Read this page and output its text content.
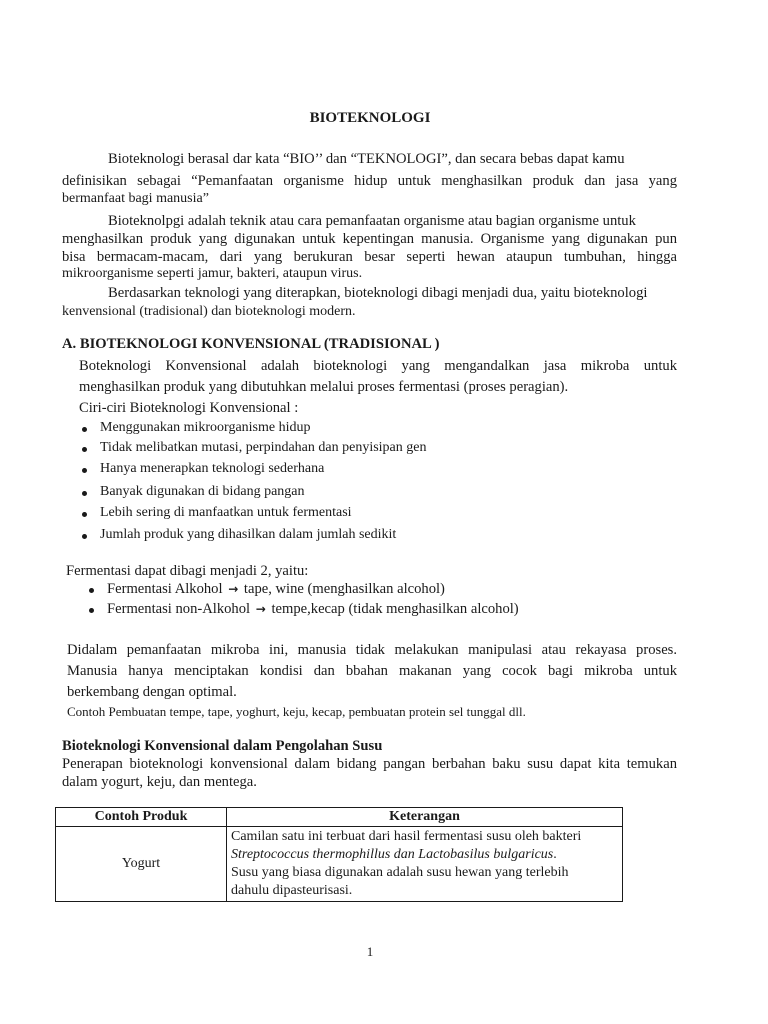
BIOTEKNOLOGI
Bioteknologi berasal dar kata “BIO’’ dan “TEKNOLOGI”, dan secara bebas dapat kamu
definisikan sebagai “Pemanfaatan organisme hidup untuk menghasilkan produk dan jasa yang
bermanfaat bagi manusia”
Bioteknolpgi adalah teknik atau cara pemanfaatan organisme atau bagian organisme untuk
menghasilkan produk yang digunakan untuk kepentingan manusia. Organisme yang digunakan pun
bisa bermacam-macam, dari yang berukuran besar seperti hewan ataupun tumbuhan, hingga
mikroorganisme seperti jamur, bakteri, ataupun virus.
Berdasarkan teknologi yang diterapkan, bioteknologi dibagi menjadi dua, yaitu bioteknologi
kenvensional (tradisional) dan bioteknologi modern.
A. BIOTEKNOLOGI KONVENSIONAL (TRADISIONAL )
Boteknologi Konvensional adalah bioteknologi yang mengandalkan jasa mikroba untuk
menghasilkan produk yang dibutuhkan melalui proses fermentasi (proses peragian).
Ciri-ciri Bioteknologi Konvensional :
Menggunakan mikroorganisme hidup
Tidak melibatkan mutasi, perpindahan dan penyisipan gen
Hanya menerapkan teknologi sederhana
Banyak digunakan di bidang pangan
Lebih sering di manfaatkan untuk fermentasi
Jumlah produk yang dihasilkan dalam jumlah sedikit
Fermentasi dapat dibagi menjadi 2, yaitu:
Fermentasi Alkohol → tape, wine (menghasilkan alcohol)
Fermentasi non-Alkohol → tempe,kecap (tidak menghasilkan alcohol)
Didalam pemanfaatan mikroba ini, manusia tidak melakukan manipulasi atau rekayasa proses.
Manusia hanya menciptakan kondisi dan bbahan makanan yang cocok bagi mikroba untuk
berkembang dengan optimal.
Contoh Pembuatan tempe, tape, yoghurt, keju, kecap, pembuatan protein sel tunggal dll.
Bioteknologi Konvensional dalam Pengolahan Susu
Penerapan bioteknologi konvensional dalam bidang pangan berbahan baku susu dapat kita temukan
dalam yogurt, keju, dan mentega.
Contoh Produk	Keterangan
Yogurt	Camilan satu ini terbuat dari hasil fermentasi susu oleh bakteri
Streptococcus thermophillus dan Lactobasilus bulgaricus.
Susu yang biasa digunakan adalah susu hewan yang terlebih
dahulu dipasteurisasi.
1
